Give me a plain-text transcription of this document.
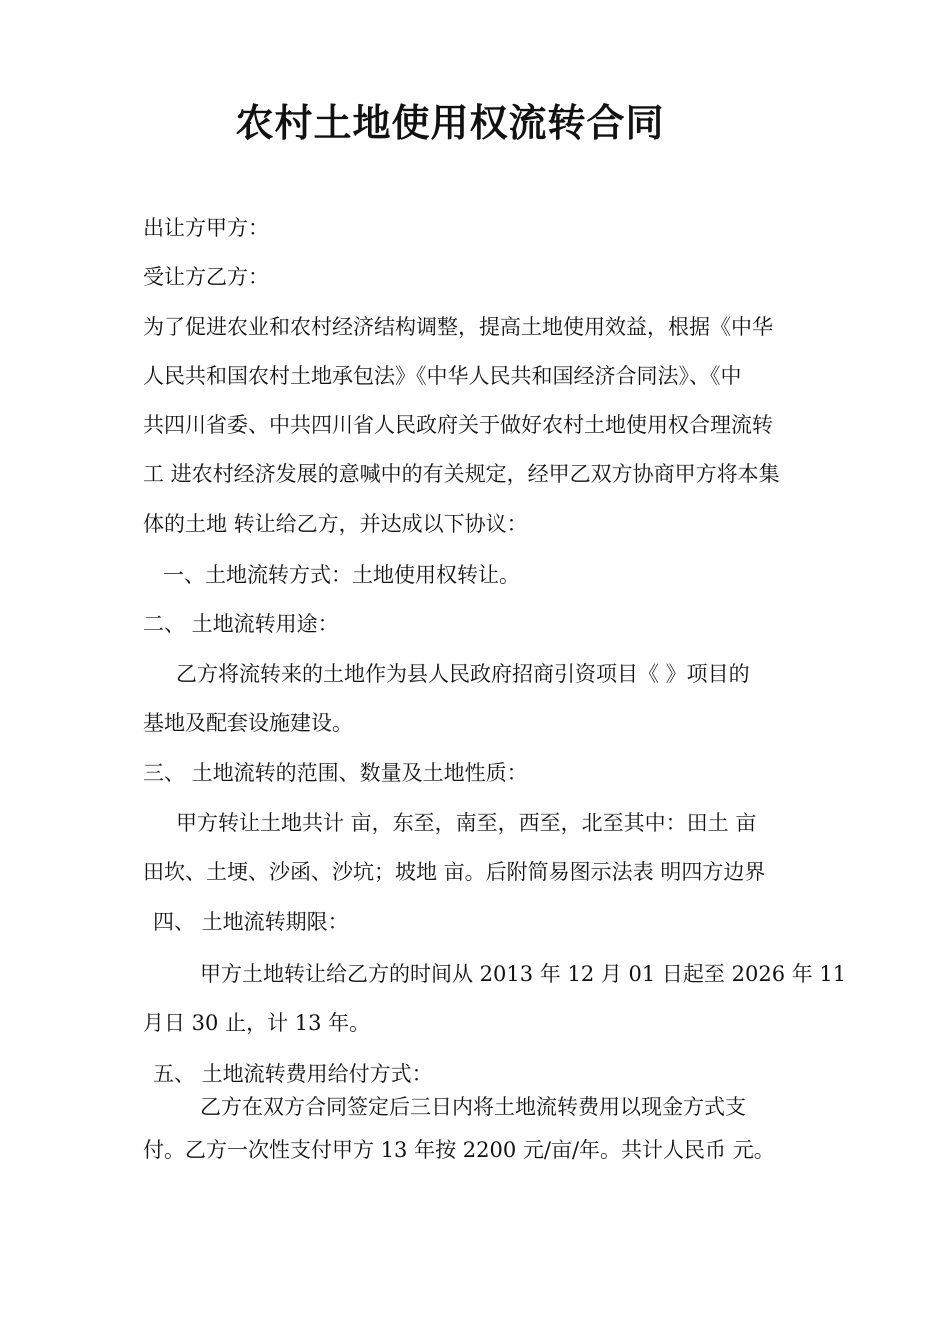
农村土地使用权流转合同
出让方甲方：
受让方乙方：
为了促进农业和农村经济结构调整，提高土地使用效益，根据《中华
人民共和国农村土地承包法》《中华人民共和国经济合同法》、《中
共四川省委、中共四川省人民政府关于做好农村土地使用权合理流转
工 进农村经济发展的意喊中的有关规定，经甲乙双方协商甲方将本集
体的土地 转让给乙方，并达成以下协议：
一、土地流转方式：土地使用权转让。
二、 土地流转用途：
乙方将流转来的土地作为县人民政府招商引资项目《 》项目的
基地及配套设施建设。
三、 土地流转的范围、数量及土地性质：
甲方转让土地共计 亩，东至，南至，西至，北至其中：田土 亩
田坎、土埂、沙函、沙坑；坡地 亩。后附简易图示法表 明四方边界
四、 土地流转期限：
甲方土地转让给乙方的时间从 2013 年 12 月 01 日起至 2026 年 11
月日 30 止，计 13 年。
五、 土地流转费用给付方式：
乙方在双方合同签定后三日内将土地流转费用以现金方式支
付。乙方一次性支付甲方 13 年按 2200 元/亩/年。共计人民币 元。
